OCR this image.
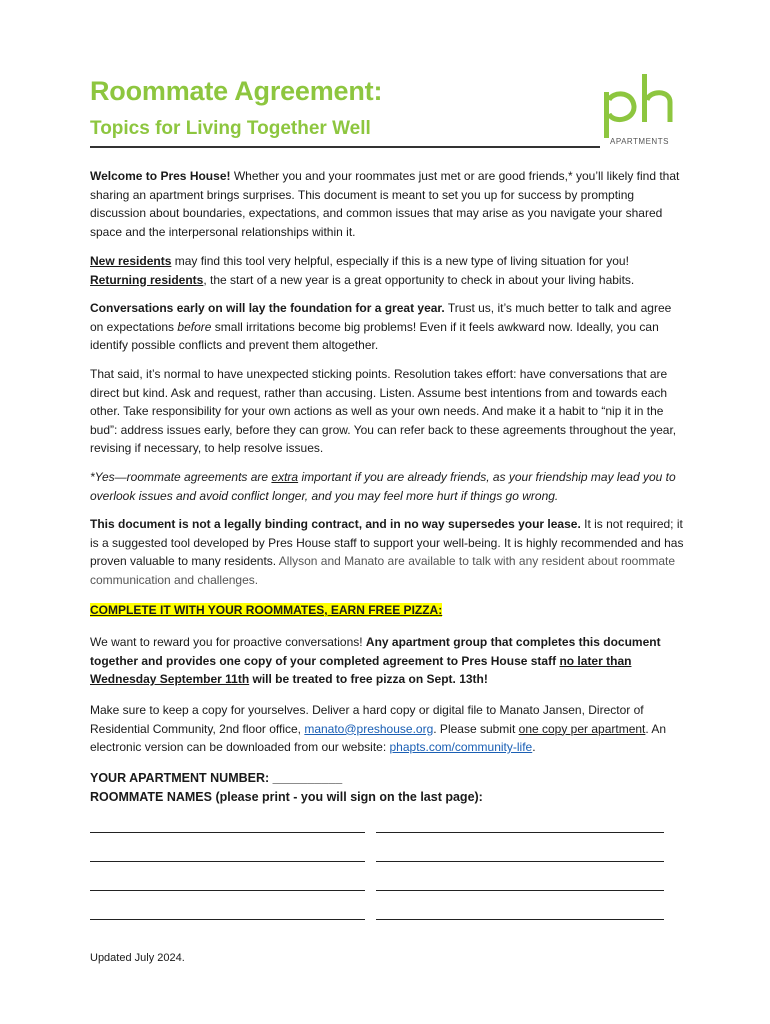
Roommate Agreement:
Topics for Living Together Well
APARTMENTS

Welcome to Pres House! Whether you and your roommates just met or are good friends,* you’ll likely find that sharing an apartment brings surprises. This document is meant to set you up for success by prompting discussion about boundaries, expectations, and common issues that may arise as you navigate your shared space and the interpersonal relationships within it.

New residents may find this tool very helpful, especially if this is a new type of living situation for you!
Returning residents, the start of a new year is a great opportunity to check in about your living habits.

Conversations early on will lay the foundation for a great year. Trust us, it’s much better to talk and agree on expectations before small irritations become big problems! Even if it feels awkward now. Ideally, you can identify possible conflicts and prevent them altogether.

That said, it’s normal to have unexpected sticking points. Resolution takes effort: have conversations that are direct but kind. Ask and request, rather than accusing. Listen. Assume best intentions from and towards each other. Take responsibility for your own actions as well as your own needs. And make it a habit to “nip it in the bud”: address issues early, before they can grow. You can refer back to these agreements throughout the year, revising if necessary, to help resolve issues.

*Yes—roommate agreements are extra important if you are already friends, as your friendship may lead you to overlook issues and avoid conflict longer, and you may feel more hurt if things go wrong.

This document is not a legally binding contract, and in no way supersedes your lease. It is not required; it is a suggested tool developed by Pres House staff to support your well-being. It is highly recommended and has proven valuable to many residents. Allyson and Manato are available to talk with any resident about roommate communication and challenges.

COMPLETE IT WITH YOUR ROOMMATES, EARN FREE PIZZA:

We want to reward you for proactive conversations! Any apartment group that completes this document together and provides one copy of your completed agreement to Pres House staff no later than Wednesday September 11th will be treated to free pizza on Sept. 13th!

Make sure to keep a copy for yourselves. Deliver a hard copy or digital file to Manato Jansen, Director of Residential Community, 2nd floor office, manato@preshouse.org. Please submit one copy per apartment. An electronic version can be downloaded from our website: phapts.com/community-life.

YOUR APARTMENT NUMBER: __________
ROOMMATE NAMES (please print - you will sign on the last page):
Updated July 2024.
